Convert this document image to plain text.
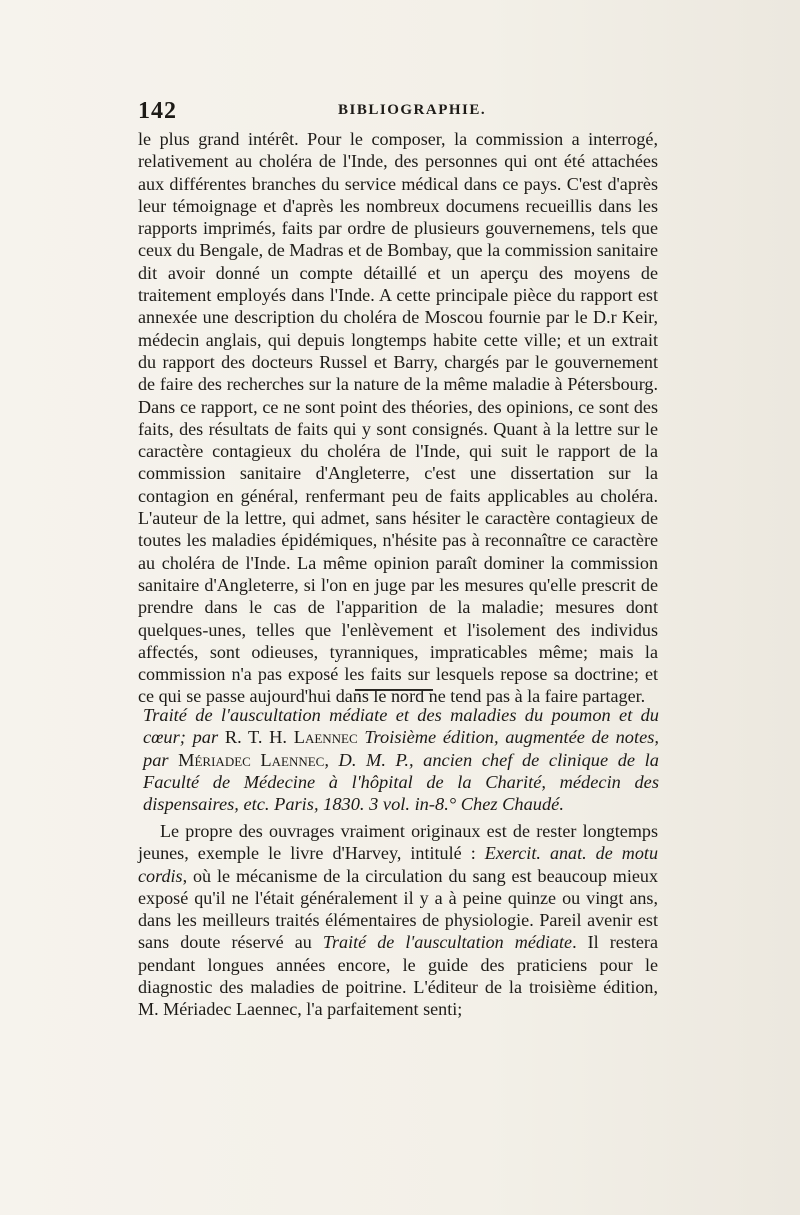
142	BIBLIOGRAPHIE.

le plus grand intérêt. Pour le composer, la commission a interrogé, relativement au choléra de l'Inde, des personnes qui ont été attachées aux différentes branches du service médical dans ce pays. C'est d'après leur témoignage et d'après les nombreux documens recueillis dans les rapports imprimés, faits par ordre de plusieurs gouvernemens, tels que ceux du Bengale, de Madras et de Bombay, que la commission sanitaire dit avoir donné un compte détaillé et un aperçu des moyens de traitement employés dans l'Inde. A cette principale pièce du rapport est annexée une description du choléra de Moscou fournie par le D.r Keir, médecin anglais, qui depuis longtemps habite cette ville; et un extrait du rapport des docteurs Russel et Barry, chargés par le gouvernement de faire des recherches sur la nature de la même maladie à Pétersbourg. Dans ce rapport, ce ne sont point des théories, des opinions, ce sont des faits, des résultats de faits qui y sont consignés. Quant à la lettre sur le caractère contagieux du choléra de l'Inde, qui suit le rapport de la commission sanitaire d'Angleterre, c'est une dissertation sur la contagion en général, renfermant peu de faits applicables au choléra. L'auteur de la lettre, qui admet, sans hésiter le caractère contagieux de toutes les maladies épidémiques, n'hésite pas à reconnaître ce caractère au choléra de l'Inde. La même opinion paraît dominer la commission sanitaire d'Angleterre, si l'on en juge par les mesures qu'elle prescrit de prendre dans le cas de l'apparition de la maladie; mesures dont quelques-unes, telles que l'enlèvement et l'isolement des individus affectés, sont odieuses, tyranniques, impraticables même; mais la commission n'a pas exposé les faits sur lesquels repose sa doctrine; et ce qui se passe aujourd'hui dans le nord ne tend pas à la faire partager.

Traité de l'auscultation médiate et des maladies du poumon et du cœur; par R. T. H. Laennec Troisième édition, augmentée de notes, par Mériadec Laennec, D. M. P., ancien chef de clinique de la Faculté de Médecine à l'hôpital de la Charité, médecin des dispensaires, etc. Paris, 1830. 3 vol. in-8.° Chez Chaudé.

Le propre des ouvrages vraiment originaux est de rester longtemps jeunes, exemple le livre d'Harvey, intitulé : Exercit. anat. de motu cordis, où le mécanisme de la circulation du sang est beaucoup mieux exposé qu'il ne l'était généralement il y a à peine quinze ou vingt ans, dans les meilleurs traités élémentaires de physiologie. Pareil avenir est sans doute réservé au Traité de l'auscultation médiate. Il restera pendant longues années encore, le guide des praticiens pour le diagnostic des maladies de poitrine. L'éditeur de la troisième édition, M. Mériadec Laennec, l'a parfaitement senti;
